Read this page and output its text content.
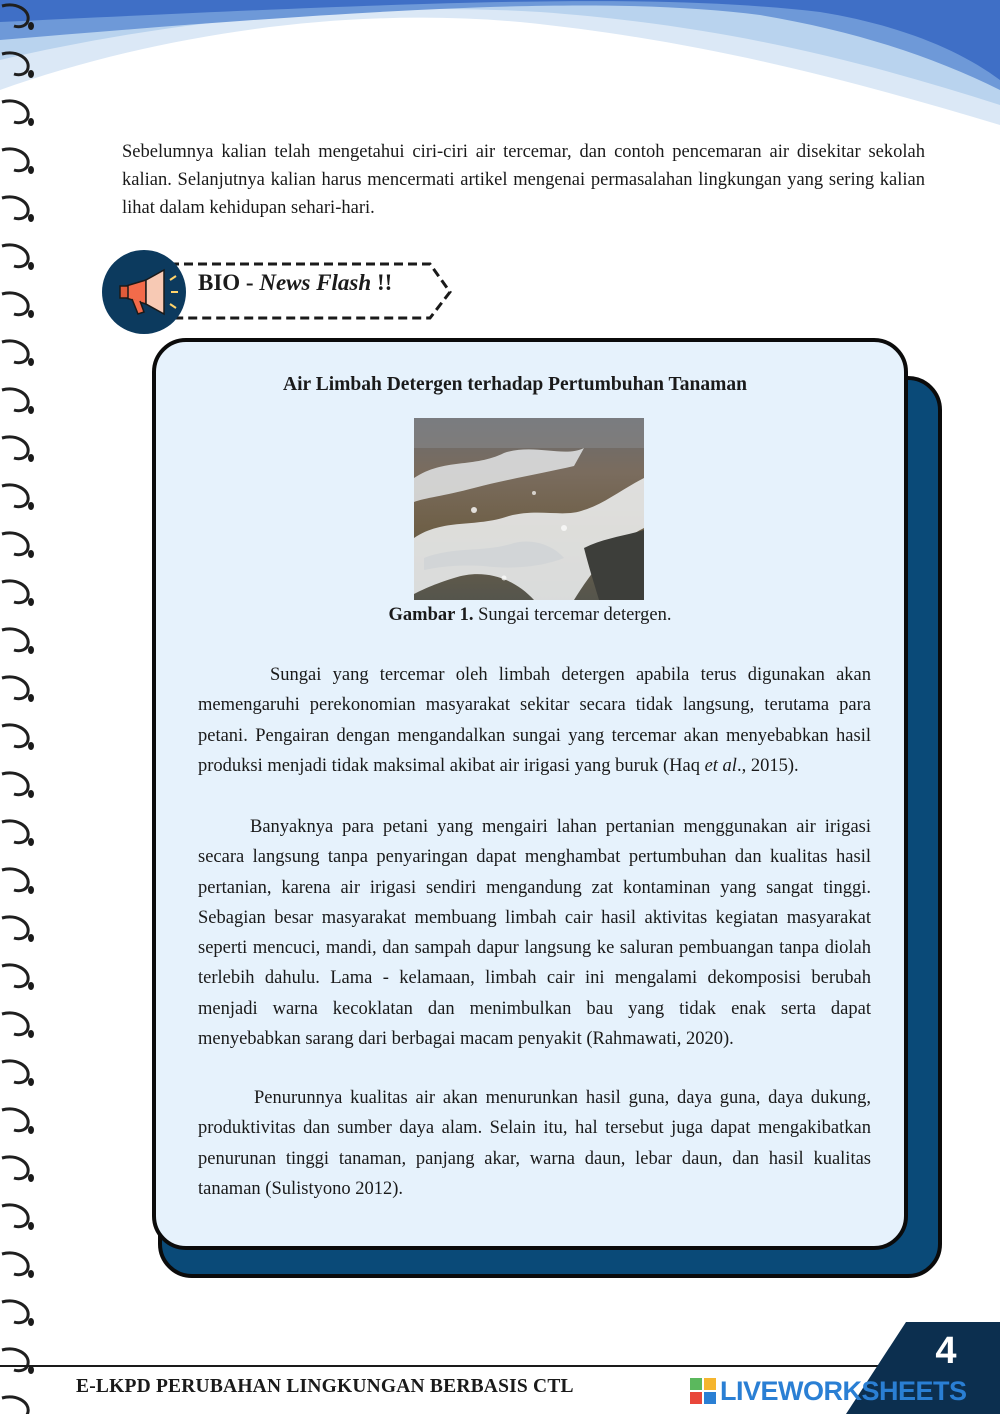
Sebelumnya kalian telah mengetahui ciri-ciri air tercemar, dan contoh pencemaran air disekitar sekolah kalian. Selanjutnya kalian harus mencermati artikel mengenai permasalahan lingkungan yang sering kalian lihat dalam kehidupan sehari-hari.
BIO - News Flash !!
Air Limbah Detergen terhadap Pertumbuhan Tanaman
Gambar 1. Sungai tercemar detergen.
Sungai yang tercemar oleh limbah detergen apabila terus digunakan akan memengaruhi perekonomian masyarakat sekitar secara tidak langsung, terutama para petani. Pengairan dengan mengandalkan sungai yang tercemar akan menyebabkan hasil produksi menjadi tidak maksimal akibat air irigasi yang buruk (Haq et al., 2015).
Banyaknya para petani yang mengairi lahan pertanian menggunakan air irigasi secara langsung tanpa penyaringan dapat menghambat pertumbuhan dan kualitas hasil pertanian, karena air irigasi sendiri mengandung zat kontaminan yang sangat tinggi. Sebagian besar masyarakat membuang limbah cair hasil aktivitas kegiatan masyarakat seperti mencuci, mandi, dan sampah dapur langsung ke saluran pembuangan tanpa diolah terlebih dahulu. Lama - kelamaan, limbah cair ini mengalami dekomposisi berubah menjadi warna kecoklatan dan menimbulkan bau yang tidak enak serta dapat menyebabkan sarang dari berbagai macam penyakit (Rahmawati, 2020).
Penurunnya kualitas air akan menurunkan hasil guna, daya guna, daya dukung, produktivitas dan sumber daya alam. Selain itu, hal tersebut juga dapat mengakibatkan penurunan tinggi tanaman, panjang akar, warna daun, lebar daun, dan hasil kualitas tanaman (Sulistyono 2012).
E-LKPD PERUBAHAN LINGKUNGAN BERBASIS CTL
4
LIVEWORKSHEETS
